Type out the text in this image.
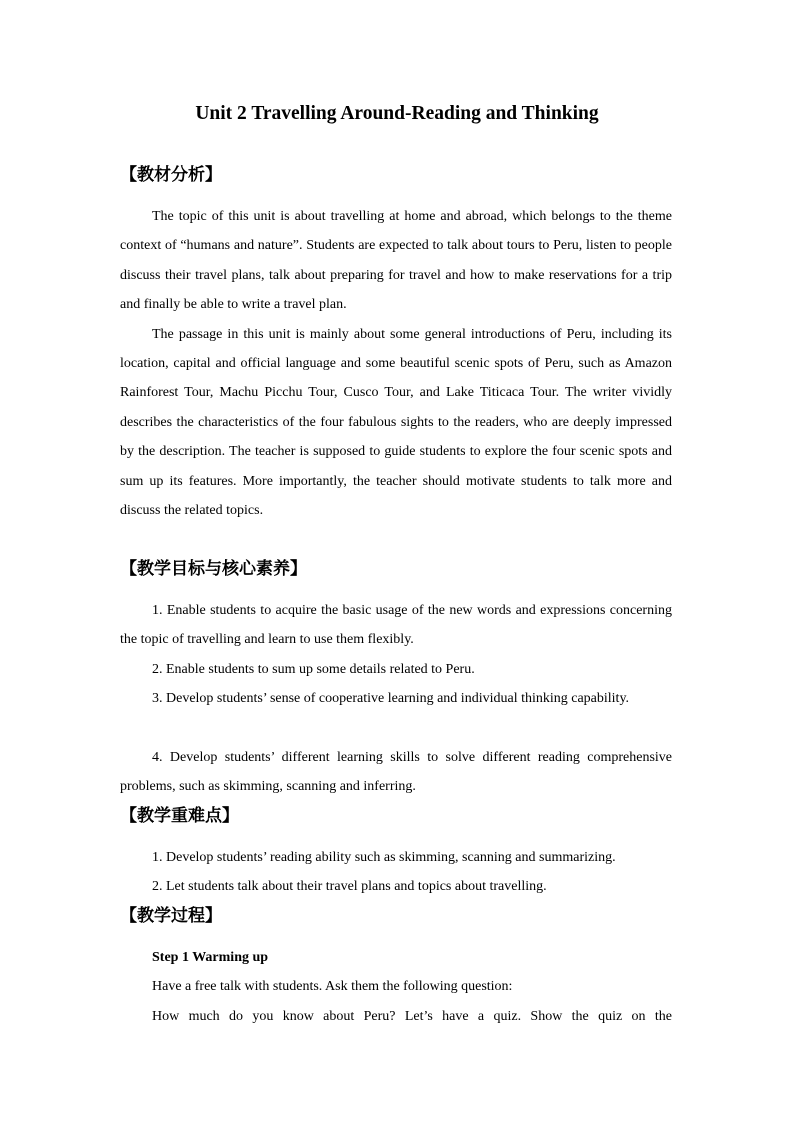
Unit 2 Travelling Around-Reading and Thinking
【教材分析】
The topic of this unit is about travelling at home and abroad, which belongs to the theme context of “humans and nature”. Students are expected to talk about tours to Peru, listen to people discuss their travel plans, talk about preparing for travel and how to make reservations for a trip and finally be able to write a travel plan.
The passage in this unit is mainly about some general introductions of Peru, including its location, capital and official language and some beautiful scenic spots of Peru, such as Amazon Rainforest Tour, Machu Picchu Tour, Cusco Tour, and Lake Titicaca Tour. The writer vividly describes the characteristics of the four fabulous sights to the readers, who are deeply impressed by the description. The teacher is supposed to guide students to explore the four scenic spots and sum up its features. More importantly, the teacher should motivate students to talk more and discuss the related topics.
【教学目标与核心素养】
1. Enable students to acquire the basic usage of the new words and expressions concerning the topic of travelling and learn to use them flexibly.
2. Enable students to sum up some details related to Peru.
3. Develop students’ sense of cooperative learning and individual thinking capability.
4. Develop students’ different learning skills to solve different reading comprehensive problems, such as skimming, scanning and inferring.
【教学重难点】
1. Develop students’ reading ability such as skimming, scanning and summarizing.
2. Let students talk about their travel plans and topics about travelling.
【教学过程】
Step 1 Warming up
Have a free talk with students. Ask them the following question:
How much do you know about Peru? Let’s have a quiz. Show the quiz on the
